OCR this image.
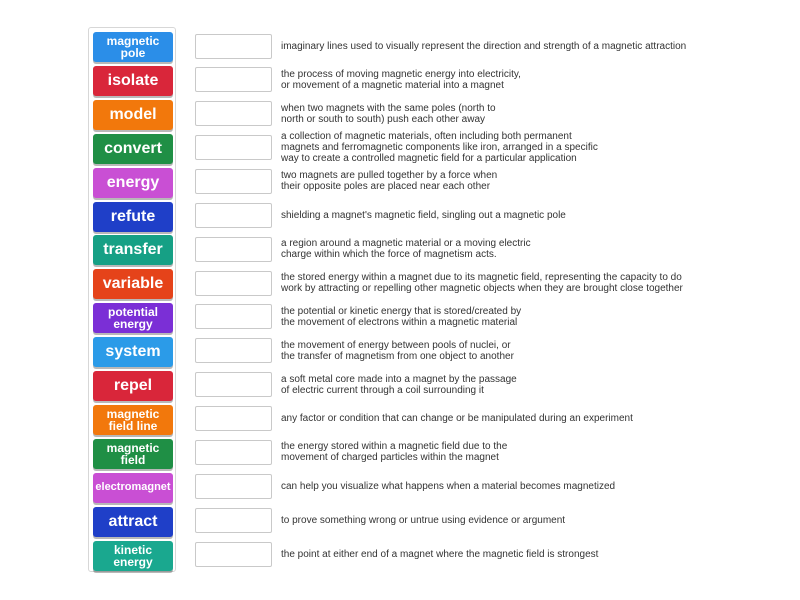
magnetic
pole
isolate
model
convert
energy
refute
transfer
variable
potential
energy
system
repel
magnetic
field line
magnetic
field
electromagnet
attract
kinetic
energy
imaginary lines used to visually represent the direction and strength of a magnetic attraction
the process of moving magnetic energy into electricity,
or movement of a magnetic material into a magnet
when two magnets with the same poles (north to
north or south to south) push each other away
a collection of magnetic materials, often including both permanent
magnets and ferromagnetic components like iron, arranged in a specific
way to create a controlled magnetic field for a particular application
two magnets are pulled together by a force when
their opposite poles are placed near each other
shielding a magnet's magnetic field, singling out a magnetic pole
a region around a magnetic material or a moving electric
charge within which the force of magnetism acts.
the stored energy within a magnet due to its magnetic field, representing the capacity to do
work by attracting or repelling other magnetic objects when they are brought close together
the potential or kinetic energy that is stored/created by
the movement of electrons within a magnetic material
the movement of energy between pools of nuclei, or
the transfer of magnetism from one object to another
a soft metal core made into a magnet by the passage
of electric current through a coil surrounding it
any factor or condition that can change or be manipulated during an experiment
the energy stored within a magnetic field due to the
movement of charged particles within the magnet
can help you visualize what happens when a material becomes magnetized
to prove something wrong or untrue using evidence or argument
the point at either end of a magnet where the magnetic field is strongest
